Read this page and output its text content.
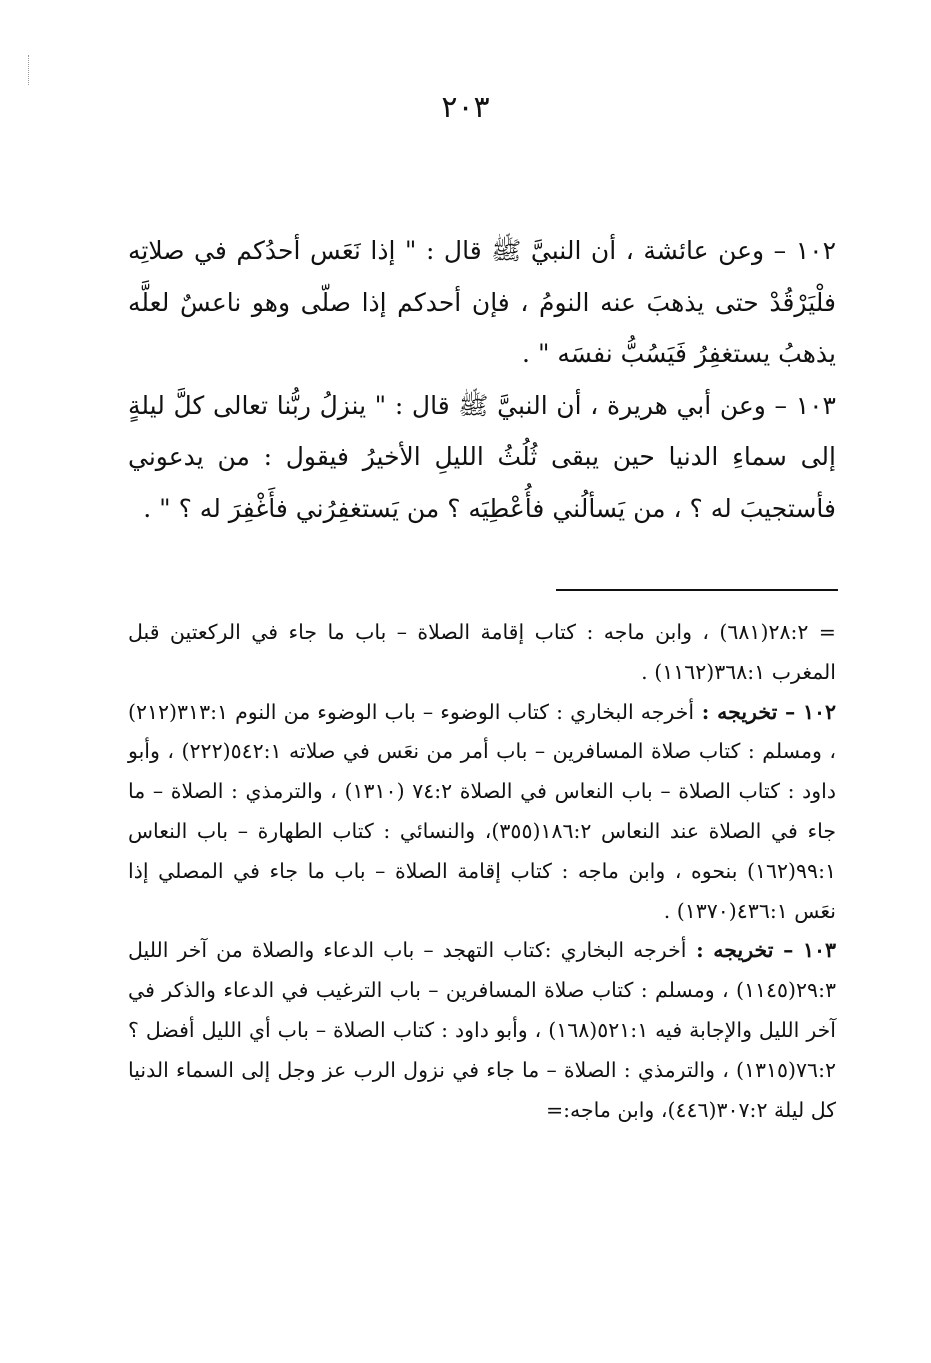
٢٠٣

١٠٢ – وعن عائشة ، أن النبيَّ ﷺ قال : " إذا نَعَس أحدُكم في صلاتِه فلْيَرْقُدْ حتى يذهبَ عنه النومُ ، فإن أحدكم إذا صلّى وهو ناعسٌ لعلَّه يذهبُ يستغفِرُ فَيَسُبُّ نفسَه " .

١٠٣ – وعن أبي هريرة ، أن النبيَّ ﷺ قال : " ينزلُ ربُّنا تعالى كلَّ ليلةٍ إلى سماءِ الدنيا حين يبقى ثُلُثُ الليلِ الأخيرُ فيقول : من يدعوني فأستجيبَ له ؟ ، من يَسألُني فأُعْطِيَه ؟ من يَستغفِرُني فأَغْفِرَ له ؟ " .

= ٢٨:٢(٦٨١) ، وابن ماجه : كتاب إقامة الصلاة – باب ما جاء في الركعتين قبل المغرب ٣٦٨:١(١١٦٢) .

١٠٢ – تخريجه : أخرجه البخاري : كتاب الوضوء – باب الوضوء من النوم ٣١٣:١(٢١٢) ، ومسلم : كتاب صلاة المسافرين – باب أمر من نعَس في صلاته ٥٤٢:١(٢٢٢) ، وأبو داود : كتاب الصلاة – باب النعاس في الصلاة ٧٤:٢ (١٣١٠) ، والترمذي : الصلاة – ما جاء في الصلاة عند النعاس ١٨٦:٢(٣٥٥)، والنسائي : كتاب الطهارة – باب النعاس ٩٩:١(١٦٢) بنحوه ، وابن ماجه : كتاب إقامة الصلاة – باب ما جاء في المصلي إذا نعَس ٤٣٦:١(١٣٧٠) .

١٠٣ – تخريجه : أخرجه البخاري :كتاب التهجد – باب الدعاء والصلاة من آخر الليل ٢٩:٣(١١٤٥) ، ومسلم : كتاب صلاة المسافرين – باب الترغيب في الدعاء والذكر في آخر الليل والإجابة فيه ٥٢١:١(١٦٨) ، وأبو داود : كتاب الصلاة – باب أي الليل أفضل ؟ ٧٦:٢(١٣١٥) ، والترمذي : الصلاة – ما جاء في نزول الرب عز وجل إلى السماء الدنيا كل ليلة ٣٠٧:٢(٤٤٦)، وابن ماجه:=
